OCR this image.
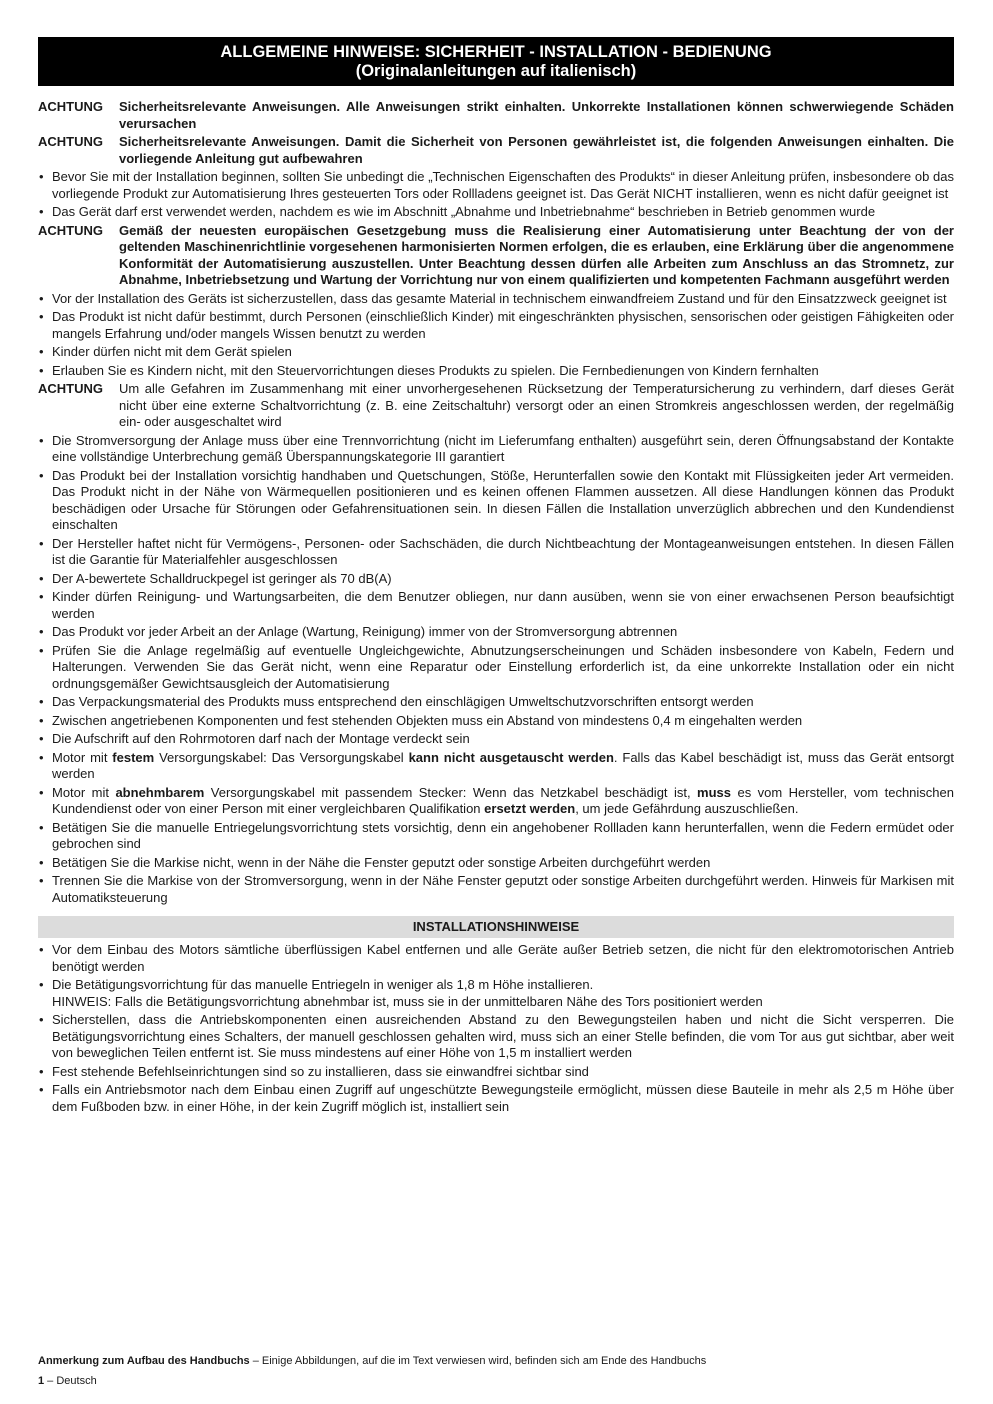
ALLGEMEINE HINWEISE: SICHERHEIT - INSTALLATION - BEDIENUNG
(Originalanleitungen auf italienisch)
ACHTUNG	Sicherheitsrelevante Anweisungen. Alle Anweisungen strikt einhalten. Unkorrekte Installationen können schwerwiegende Schäden verursachen
ACHTUNG	Sicherheitsrelevante Anweisungen. Damit die Sicherheit von Personen gewährleistet ist, die folgenden Anweisungen einhalten. Die vorliegende Anleitung gut aufbewahren
• Bevor Sie mit der Installation beginnen, sollten Sie unbedingt die „Technischen Eigenschaften des Produkts“ in dieser Anleitung prüfen, insbesondere ob das vorliegende Produkt zur Automatisierung Ihres gesteuerten Tors oder Rollladens geeignet ist. Das Gerät NICHT installieren, wenn es nicht dafür geeignet ist
• Das Gerät darf erst verwendet werden, nachdem es wie im Abschnitt „Abnahme und Inbetriebnahme“ beschrieben in Betrieb genommen wurde
ACHTUNG	Gemäß der neuesten europäischen Gesetzgebung muss die Realisierung einer Automatisierung unter Beachtung der von der geltenden Maschinenrichtlinie vorgesehenen harmonisierten Normen erfolgen, die es erlauben, eine Erklärung über die angenommene Konformität der Automatisierung auszustellen. Unter Beachtung dessen dürfen alle Arbeiten zum Anschluss an das Stromnetz, zur Abnahme, Inbetriebsetzung und Wartung der Vorrichtung nur von einem qualifizierten und kompetenten Fachmann ausgeführt werden
• Vor der Installation des Geräts ist sicherzustellen, dass das gesamte Material in technischem einwandfreiem Zustand und für den Einsatzzweck geeignet ist
• Das Produkt ist nicht dafür bestimmt, durch Personen (einschließlich Kinder) mit eingeschränkten physischen, sensorischen oder geistigen Fähigkeiten oder mangels Erfahrung und/oder mangels Wissen benutzt zu werden
• Kinder dürfen nicht mit dem Gerät spielen
• Erlauben Sie es Kindern nicht, mit den Steuervorrichtungen dieses Produkts zu spielen. Die Fernbedienungen von Kindern fernhalten
ACHTUNG	Um alle Gefahren im Zusammenhang mit einer unvorhergesehenen Rücksetzung der Temperatursicherung zu verhindern, darf dieses Gerät nicht über eine externe Schaltvorrichtung (z. B. eine Zeitschaltuhr) versorgt oder an einen Stromkreis angeschlossen werden, der regelmäßig ein- oder ausgeschaltet wird
• Die Stromversorgung der Anlage muss über eine Trennvorrichtung (nicht im Lieferumfang enthalten) ausgeführt sein, deren Öffnungsabstand der Kontakte eine vollständige Unterbrechung gemäß Überspannungskategorie III garantiert
• Das Produkt bei der Installation vorsichtig handhaben und Quetschungen, Stöße, Herunterfallen sowie den Kontakt mit Flüssigkeiten jeder Art vermeiden. Das Produkt nicht in der Nähe von Wärmequellen positionieren und es keinen offenen Flammen aussetzen. All diese Handlungen können das Produkt beschädigen oder Ursache für Störungen oder Gefahrensituationen sein. In diesen Fällen die Installation unverzüglich abbrechen und den Kundendienst einschalten
• Der Hersteller haftet nicht für Vermögens-, Personen- oder Sachschäden, die durch Nichtbeachtung der Montageanweisungen entstehen. In diesen Fällen ist die Garantie für Materialfehler ausgeschlossen
• Der A-bewertete Schalldruckpegel ist geringer als 70 dB(A)
• Kinder dürfen Reinigung- und Wartungsarbeiten, die dem Benutzer obliegen, nur dann ausüben, wenn sie von einer erwachsenen Person beaufsichtigt werden
• Das Produkt vor jeder Arbeit an der Anlage (Wartung, Reinigung) immer von der Stromversorgung abtrennen
• Prüfen Sie die Anlage regelmäßig auf eventuelle Ungleichgewichte, Abnutzungserscheinungen und Schäden insbesondere von Kabeln, Federn und Halterungen. Verwenden Sie das Gerät nicht, wenn eine Reparatur oder Einstellung erforderlich ist, da eine unkorrekte Installation oder ein nicht ordnungsgemäßer Gewichtsausgleich der Automatisierung
• Das Verpackungsmaterial des Produkts muss entsprechend den einschlägigen Umweltschutzvorschriften entsorgt werden
• Zwischen angetriebenen Komponenten und fest stehenden Objekten muss ein Abstand von mindestens 0,4 m eingehalten werden
• Die Aufschrift auf den Rohrmotoren darf nach der Montage verdeckt sein
• Motor mit festem Versorgungskabel: Das Versorgungskabel kann nicht ausgetauscht werden. Falls das Kabel beschädigt ist, muss das Gerät entsorgt werden
• Motor mit abnehmbarem Versorgungskabel mit passendem Stecker: Wenn das Netzkabel beschädigt ist, muss es vom Hersteller, vom technischen Kundendienst oder von einer Person mit einer vergleichbaren Qualifikation ersetzt werden, um jede Gefährdung auszuschließen.
• Betätigen Sie die manuelle Entriegelungsvorrichtung stets vorsichtig, denn ein angehobener Rollladen kann herunterfallen, wenn die Federn ermüdet oder gebrochen sind
• Betätigen Sie die Markise nicht, wenn in der Nähe die Fenster geputzt oder sonstige Arbeiten durchgeführt werden
• Trennen Sie die Markise von der Stromversorgung, wenn in der Nähe Fenster geputzt oder sonstige Arbeiten durchgeführt werden. Hinweis für Markisen mit Automatiksteuerung
INSTALLATIONSHINWEISE
• Vor dem Einbau des Motors sämtliche überflüssigen Kabel entfernen und alle Geräte außer Betrieb setzen, die nicht für den elektromotorischen Antrieb benötigt werden
• Die Betätigungsvorrichtung für das manuelle Entriegeln in weniger als 1,8 m Höhe installieren.
HINWEIS: Falls die Betätigungsvorrichtung abnehmbar ist, muss sie in der unmittelbaren Nähe des Tors positioniert werden
• Sicherstellen, dass die Antriebskomponenten einen ausreichenden Abstand zu den Bewegungsteilen haben und nicht die Sicht versperren. Die Betätigungsvorrichtung eines Schalters, der manuell geschlossen gehalten wird, muss sich an einer Stelle befinden, die vom Tor aus gut sichtbar, aber weit von beweglichen Teilen entfernt ist. Sie muss mindestens auf einer Höhe von 1,5 m installiert werden
• Fest stehende Befehlseinrichtungen sind so zu installieren, dass sie einwandfrei sichtbar sind
• Falls ein Antriebsmotor nach dem Einbau einen Zugriff auf ungeschützte Bewegungsteile ermöglicht, müssen diese Bauteile in mehr als 2,5 m Höhe über dem Fußboden bzw. in einer Höhe, in der kein Zugriff möglich ist, installiert sein
Anmerkung zum Aufbau des Handbuchs – Einige Abbildungen, auf die im Text verwiesen wird, befinden sich am Ende des Handbuchs
1 – Deutsch
